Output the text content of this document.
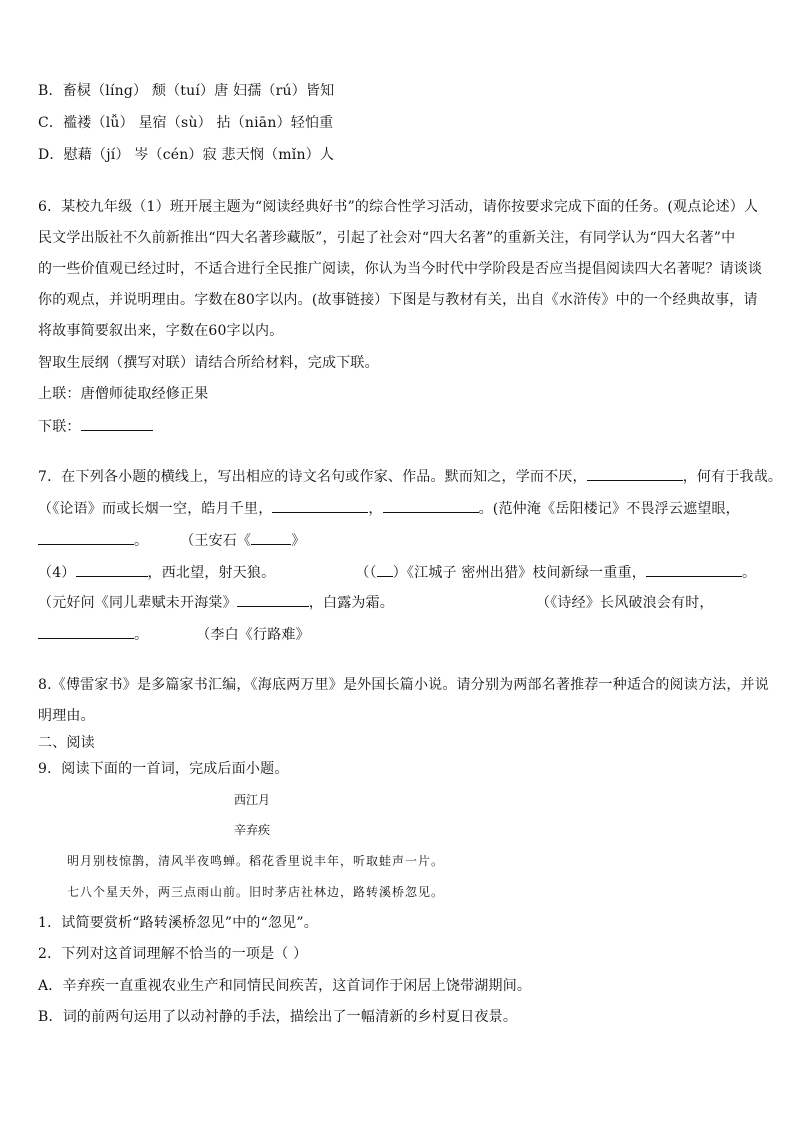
B．畜棂（líng） 颓（tuí）唐 妇孺（rú）皆知
C．褴褛（lǚ） 星宿（sù） 拈（niān）轻怕重
D．慰藉（jí） 岑（cén）寂 悲天悯（mǐn）人
6．某校九年级（1）班开展主题为“阅读经典好书”的综合性学习活动，请你按要求完成下面的任务。(观点论述）人
民文学出版社不久前新推出“四大名著珍藏版”，引起了社会对“四大名著”的重新关注，有同学认为“四大名著”中
的一些价值观已经过时，不适合进行全民推广阅读，你认为当今时代中学阶段是否应当提倡阅读四大名著呢？请谈谈
你的观点，并说明理由。字数在80字以内。(故事链接）下图是与教材有关，出自《水浒传》中的一个经典故事，请
将故事简要叙出来，字数在60字以内。
智取生辰纲（撰写对联）请结合所给材料，完成下联。
上联：唐僧师徒取经修正果
下联：
7．在下列各小题的横线上，写出相应的诗文名句或作家、作品。默而知之，学而不厌，	，何有于我哉。
（《论语》而或长烟一空，皓月千里，	，	。(范仲淹《岳阳楼记》不畏浮云遮望眼，
。 （王安石《	》
（4）	，西北望，射天狼。	（（ ）《江城子 密州出猎》枝间新绿一重重，	。
（元好问《同儿辈赋未开海棠》	，白露为霜。	（《诗经》长风破浪会有时，
。	（李白《行路难》
8.《傅雷家书》是多篇家书汇编，《海底两万里》是外国长篇小说。请分别为两部名著推荐一种适合的阅读方法，并说
明理由。
二、阅读
9．阅读下面的一首词，完成后面小题。
西江月
辛弃疾
明月别枝惊鹊，清风半夜鸣蝉。稻花香里说丰年，听取蛙声一片。
七八个星天外，两三点雨山前。旧时茅店社林边，路转溪桥忽见。
1．试简要赏析“路转溪桥忽见”中的“忽见”。
2．下列对这首词理解不恰当的一项是（ ）
A．辛弃疾一直重视农业生产和同情民间疾苦，这首词作于闲居上饶带湖期间。
B．词的前两句运用了以动衬静的手法，描绘出了一幅清新的乡村夏日夜景。
